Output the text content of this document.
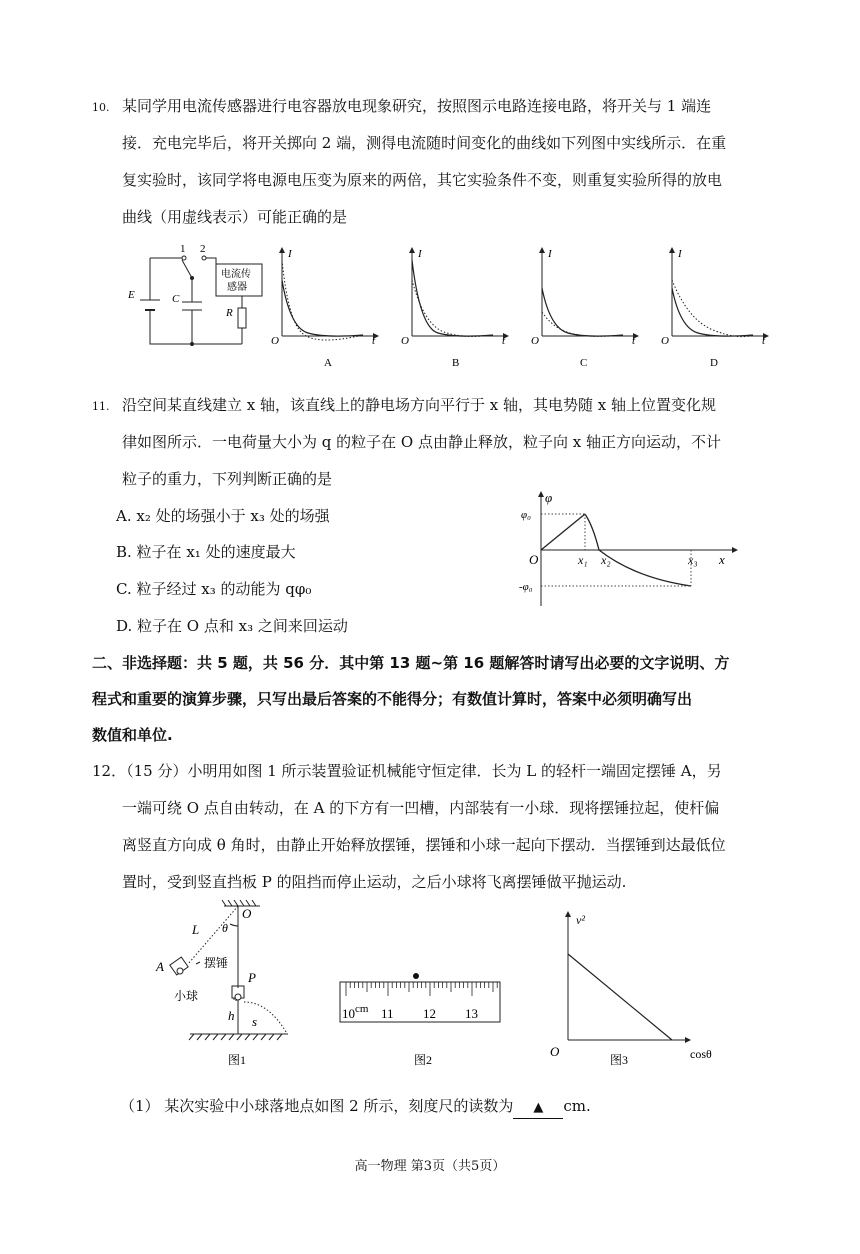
10. 某同学用电流传感器进行电容器放电现象研究，按照图示电路连接电路，将开关与 1 端连
接．充电完毕后，将开关掷向 2 端，测得电流随时间变化的曲线如下列图中实线所示．在重
复实验时，该同学将电源电压变为原来的两倍，其它实验条件不变，则重复实验所得的放电
曲线（用虚线表示）可能正确的是
1 2
E	C
R
电流传
感器
I
t
O
A
I
t
O
B
I
t
O
C
I
t
O
D
11. 沿空间某直线建立 x 轴，该直线上的静电场方向平行于 x 轴，其电势随 x 轴上位置变化规
律如图所示．一电荷量大小为 q 的粒子在 O 点由静止释放，粒子向 x 轴正方向运动，不计
粒子的重力，下列判断正确的是
A. x₂ 处的场强小于 x₃ 处的场强
B. 粒子在 x₁ 处的速度最大
C. 粒子经过 x₃ 的动能为 qφ₀
D. 粒子在 O 点和 x₃ 之间来回运动
φ
φ₀
-φ₀
O	x
x₁ x₂	x₃
二、非选择题：共 5 题，共 56 分．其中第 13 题~第 16 题解答时请写出必要的文字说明、方
程式和重要的演算步骤，只写出最后答案的不能得分；有数值计算时，答案中必须明确写出
数值和单位.
12．（15 分）小明用如图 1 所示装置验证机械能守恒定律．长为 L 的轻杆一端固定摆锤 A，另
一端可绕 O 点自由转动，在 A 的下方有一凹槽，内部装有一小球．现将摆锤拉起，使杆偏
离竖直方向成 θ 角时，由静止开始释放摆锤，摆锤和小球一起向下摆动．当摆锤到达最低位
置时，受到竖直挡板 P 的阻挡而停止运动，之后小球将飞离摆锤做平抛运动.
O
θ
L
A	摆锤
小球
P
h s
图1
10 cm 11 12 13
图2
v²
O	cosθ
图3
（1） 某次实验中小球落地点如图 2 所示，刻度尺的读数为 ▲ cm.
高一物理 第3页（共5页）
